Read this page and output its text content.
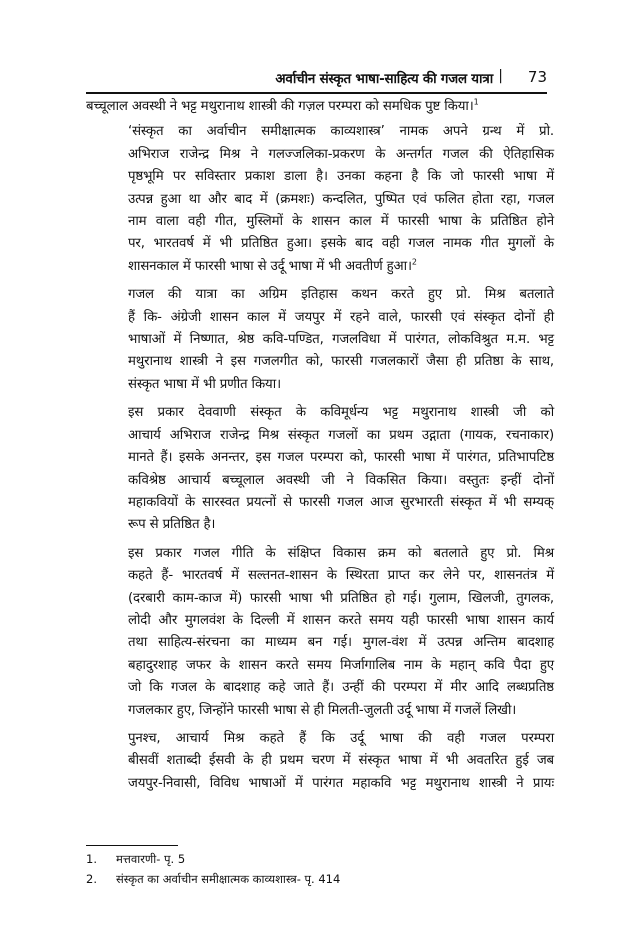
अर्वाचीन संस्कृत भाषा-साहित्य की गजल यात्रा | 73

बच्चूलाल अवस्थी ने भट्ट मथुरानाथ शास्त्री की गज़ल परम्परा को समधिक पुष्ट किया।$^1$

‘संस्कृत का अर्वाचीन समीक्षात्मक काव्यशास्त्र’ नामक अपने ग्रन्थ में प्रो.
अभिराज राजेन्द्र मिश्र ने गलज्जलिका-प्रकरण के अन्तर्गत गजल की ऐतिहासिक
पृष्ठभूमि पर सविस्तार प्रकाश डाला है। उनका कहना है कि जो फारसी भाषा में
उत्पन्न हुआ था और बाद में (क्रमशः) कन्दलित, पुष्पित एवं फलित होता रहा, गजल
नाम वाला वही गीत, मुस्लिमों के शासन काल में फारसी भाषा के प्रतिष्ठित होने
पर, भारतवर्ष में भी प्रतिष्ठित हुआ। इसके बाद वही गजल नामक गीत मुगलों के
शासनकाल में फारसी भाषा से उर्दू भाषा में भी अवतीर्ण हुआ।$^2$

गजल की यात्रा का अग्रिम इतिहास कथन करते हुए प्रो. मिश्र बतलाते
हैं कि- अंग्रेजी शासन काल में जयपुर में रहने वाले, फारसी एवं संस्कृत दोनों ही
भाषाओं में निष्णात, श्रेष्ठ कवि-पण्डित, गजलविधा में पारंगत, लोकविश्रुत म.म. भट्ट
मथुरानाथ शास्त्री ने इस गजलगीत को, फारसी गजलकारों जैसा ही प्रतिष्ठा के साथ,
संस्कृत भाषा में भी प्रणीत किया।

इस प्रकार देववाणी संस्कृत के कविमूर्धन्य भट्ट मथुरानाथ शास्त्री जी को
आचार्य अभिराज राजेन्द्र मिश्र संस्कृत गजलों का प्रथम उद्गाता (गायक, रचनाकार)
मानते हैं। इसके अनन्तर, इस गजल परम्परा को, फारसी भाषा में पारंगत, प्रतिभापटिष्ठ
कविश्रेष्ठ आचार्य बच्चूलाल अवस्थी जी ने विकसित किया। वस्तुतः इन्हीं दोनों
महाकवियों के सारस्वत प्रयत्नों से फारसी गजल आज सुरभारती संस्कृत में भी सम्यक्
रूप से प्रतिष्ठित है।

इस प्रकार गजल गीति के संक्षिप्त विकास क्रम को बतलाते हुए प्रो. मिश्र
कहते हैं- भारतवर्ष में सल्तनत-शासन के स्थिरता प्राप्त कर लेने पर, शासनतंत्र में
(दरबारी काम-काज में) फारसी भाषा भी प्रतिष्ठित हो गई। गुलाम, खिलजी, तुगलक,
लोदी और मुगलवंश के दिल्ली में शासन करते समय यही फारसी भाषा शासन कार्य
तथा साहित्य-संरचना का माध्यम बन गई। मुगल-वंश में उत्पन्न अन्तिम बादशाह
बहादुरशाह जफर के शासन करते समय मिर्जागालिब नाम के महान् कवि पैदा हुए
जो कि गजल के बादशाह कहे जाते हैं। उन्हीं की परम्परा में मीर आदि लब्धप्रतिष्ठ
गजलकार हुए, जिन्होंने फारसी भाषा से ही मिलती-जुलती उर्दू भाषा में गजलें लिखी।

पुनश्च, आचार्य मिश्र कहते हैं कि उर्दू भाषा की वही गजल परम्परा
बीसवीं शताब्दी ईसवी के ही प्रथम चरण में संस्कृत भाषा में भी अवतरित हुई जब
जयपुर-निवासी, विविध भाषाओं में पारंगत महाकवि भट्ट मथुरानाथ शास्त्री ने प्रायः

1.	मत्तवारणी- पृ. 5
2.	संस्कृत का अर्वाचीन समीक्षात्मक काव्यशास्त्र- पृ. 414
